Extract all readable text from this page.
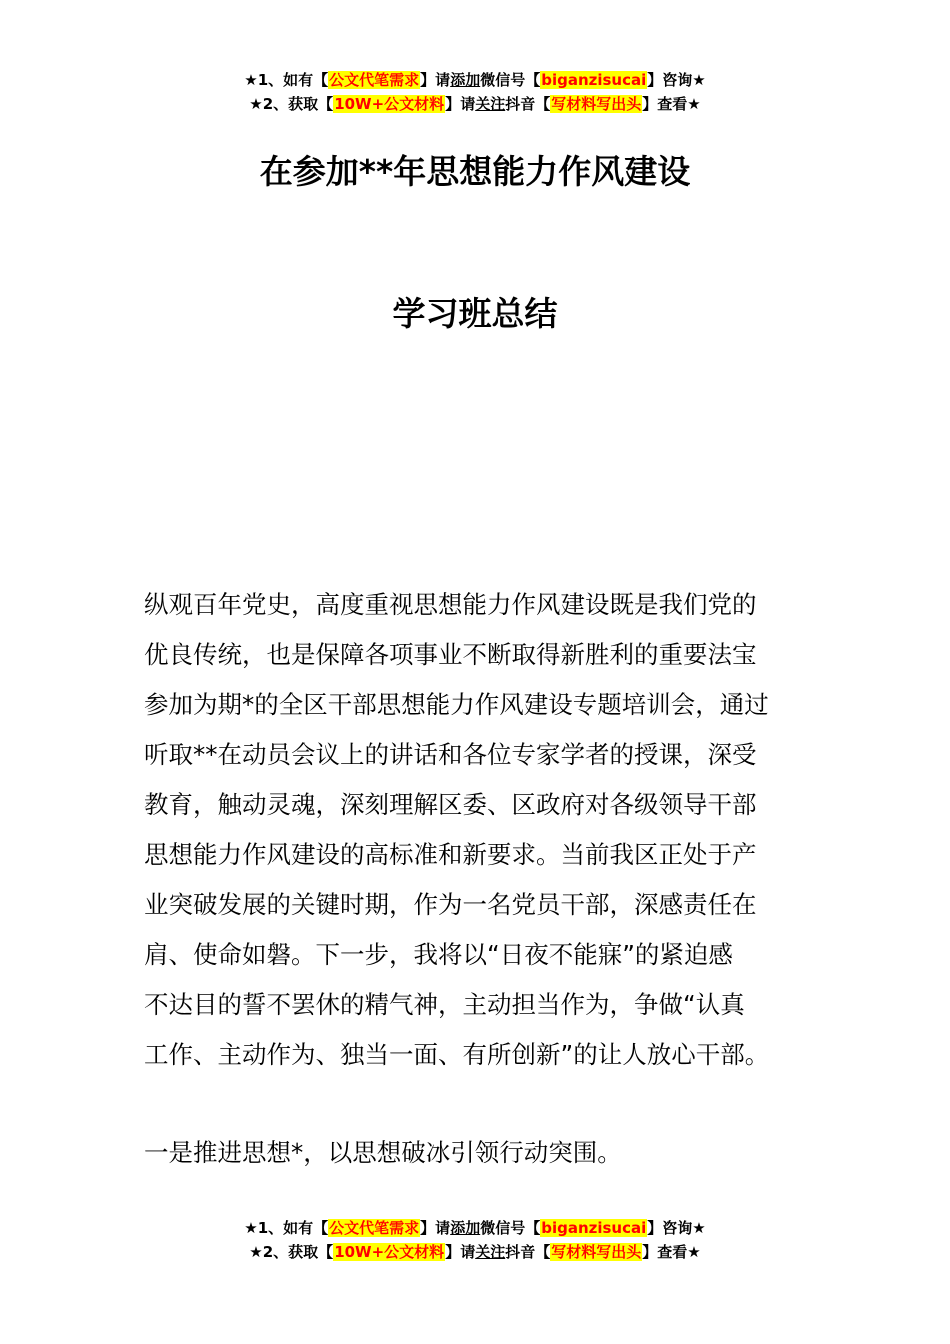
★1、如有【公文代笔需求】请添加微信号【biganzisucai】咨询★
★2、获取【10W+公文材料】请关注抖音【写材料写出头】查看★
在参加**年思想能力作风建设
学习班总结
纵观百年党史，高度重视思想能力作风建设既是我们党的
优良传统，也是保障各项事业不断取得新胜利的重要法宝
参加为期*的全区干部思想能力作风建设专题培训会，通过
听取**在动员会议上的讲话和各位专家学者的授课，深受
教育，触动灵魂，深刻理解区委、区政府对各级领导干部
思想能力作风建设的高标准和新要求。当前我区正处于产
业突破发展的关键时期，作为一名党员干部，深感责任在
肩、使命如磐。下一步，我将以“日夜不能寐”的紧迫感
不达目的誓不罢休的精气神，主动担当作为，争做“认真
工作、主动作为、独当一面、有所创新”的让人放心干部。
一是推进思想*，以思想破冰引领行动突围。
★1、如有【公文代笔需求】请添加微信号【biganzisucai】咨询★
★2、获取【10W+公文材料】请关注抖音【写材料写出头】查看★
